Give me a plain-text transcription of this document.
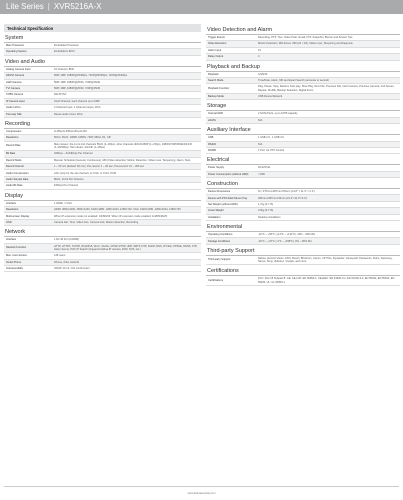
Lite Series | XVR5216A-X
Technical Specification
System
Main Processor	Embedded Processor
Operating System	Embedded LINUX
Video and Audio
Analog Camera Input	16 Channel, BNC
HDCVI Camera	5MP, 4MP, 1080P@25/30fps, 720P@50/60fps, 720P@25/30fps
AHD Camera	5MP, 4MP, 1080P@25/30, 720P@25/30
TVI Camera	5MP, 4MP, 1080P@25/30, 720P@25/30
CVBS Camera	PAL/NTSC
IP Camera Input	16+8 Channel, each channel up to 6MP
Audio In/Out	4 Channel Input, 1 Channel output, RCA
Two-way Talk	Reuse audio in/out, RCA
Recording
Compression	H.265+/H.265/H.264+/H.264
Resolution	5M-N, 4M-N, 1080P, 1080N, 720P, 960H, D1, CIF
Record Rate
Main stream: the 1st & 2nd channels 5M-N (1~10fps), other channels 4M-N/1080P (1~15fps), 1080N/720P/960H/D1/CIF (1~25/30fps). Sub stream: D1/CIF (1~15fps)
Bit Rate	32Kbps ~ 6144Kbps Per Channel
Record Mode	Manual, Schedule (General, Continuous), MD (Video detection: Motion Detection, Video Loss, Tampering), Alarm, Stop
Record Interval	1 ~ 60 min (default: 60 min), Pre-record: 1 ~ 30 sec, Post-record: 10 ~ 300 sec
Audio Compression	AAC (only for the 1st channel), G.711A, G.711U, PCM
Audio Sample Rate	8KHz, 16 bit Per Channel
Audio Bit Rate	64Kbps Per Channel
Display
Interface	1 HDMI, 1 VGA
Resolution	HDMI: 3840×2160, 2560×1440, 1920×1080, 1280×1024, 1280×720. VGA: 1920×1080, 1280×1024, 1280×720
Multi-screen Display	When IP extension mode not enabled: 1/4/8/9/16. When IP extension mode enabled: 1/4/8/9/16/25
OSD	Camera title, Time, Video loss, Camera lock, Motion detection, Recording
Network
Interface	1 RJ-45 Port (1000M)
Network Function
HTTP, HTTPS, TCP/IP, IPv4/IPv6, Wi-Fi, 3G/4G, UPNP, RTSP, UDP, SMTP, NTP, DHCP, DNS, IP Filter, PPPoE, DDNS, FTP, Alarm Server, P2P, IP Search (Supports Dahua IP camera, DVR, NVS, etc.)
Max. User Access	128 users
Smart Phone	iPhone, iPad, Android
Interoperability	ONVIF 16.12, CGI Conformant
Video Detection and Alarm
Trigger Events	Recording, PTZ, Tour, Video Push, Email, FTP, Snapshot, Buzzer and Screen Tips
Video Detection	Motion Detection, MD Zones: 396 (22 × 18), Video Loss, Tampering and Diagnosis
Alarm Input	16
Relay Output	3
Playback and Backup
Playback	1/4/9/16
Search Mode	Time/Date, Alarm, MD and Exact Search (accurate to second)
Playback Function
Play, Pause, Stop, Rewind, Fast play, Slow Play, Next File, Previous File, Next Camera, Previous Camera, Full Screen, Repeat, Shuffle, Backup Selection, Digital Zoom
Backup Mode	USB Device/Network
Storage
Internal HDD	2 SATA Ports, up to 10TB capacity
eSATA	N/A
Auxiliary Interface
USB	1 USB 2.0 , 1 USB 3.0
RS232	N/A
RS485	1 Port, for PTZ Control
Electrical
Power Supply	DC12V/4A
Power Consumption (without HDD)	<10W
Construction
Device Dimensions	1U, 375mm×287mm×53mm (14.8" × 11.3" × 2.1")
Device with PS1 Rack Mount Tray	483mm×287mm×60mm (19.0"×11.3"×2.4")
Net Weight (without HDD)	1.7kg (3.7 lb)
Gross Weight	3.0kg (6.7 lb)
Installation	Desktop installation
Environmental
Operating Conditions	-10°C ~ +55°C (+14°F ~ +131°F), 10% ~ 90% RH
Storage Conditions	-20°C ~ +70°C (-4°F ~ +158°F), 0% ~ 90% RH
Third-party Support
Third-party Support
Dahua, Arecont Vision, AXIS, Bosch, Brickcom, Canon, CP Plus, Dynacolor, Honeywell, Panasonic, Pelco, Samsung, Sanyo, Sony, Videotec, Vivotek, and more
Certifications
Certifications
FCC: Part 15 Subpart B. CE: CE-LVD: EN 60950-1; CE-EMC: EN 61000-3-2, EN 61000-3-3, EN 55032, EN 55024, EN 55024. UL: UL 60950-1
www.dahuasecurity.com
